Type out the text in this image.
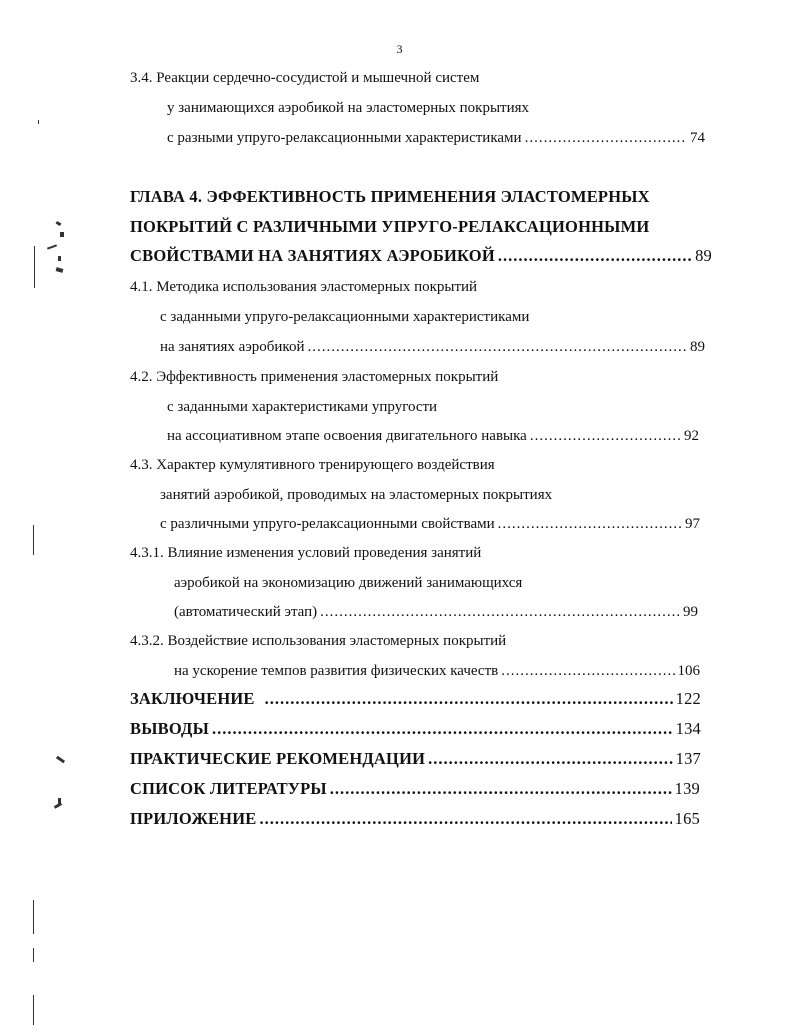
3
3.4. Реакции сердечно-сосудистой и мышечной систем
у занимающихся аэробикой на эластомерных покрытиях
с разными упруго-релаксационными характеристиками .....	74
ГЛАВА 4. ЭФФЕКТИВНОСТЬ ПРИМЕНЕНИЯ ЭЛАСТОМЕРНЫХ
ПОКРЫТИЙ С РАЗЛИЧНЫМИ УПРУГО-РЕЛАКСАЦИОННЫМИ
СВОЙСТВАМИ НА ЗАНЯТИЯХ АЭРОБИКОЙ .....	89
4.1. Методика использования эластомерных покрытий
с заданными упруго-релаксационными характеристиками
на занятиях аэробикой .....	89
4.2. Эффективность применения эластомерных покрытий
с заданными характеристиками упругости
на ассоциативном этапе освоения двигательного навыка .....	92
4.3. Характер кумулятивного тренирующего воздействия
занятий аэробикой, проводимых на эластомерных покрытиях
с различными упруго-релаксационными свойствами .....	97
4.3.1. Влияние изменения условий проведения занятий
аэробикой на экономизацию движений занимающихся
(автоматический этап) .....	99
4.3.2. Воздействие использования эластомерных покрытий
на ускорение темпов развития физических качеств .....	106
ЗАКЛЮЧЕНИЕ .....	122
ВЫВОДЫ .....	134
ПРАКТИЧЕСКИЕ РЕКОМЕНДАЦИИ .....	137
СПИСОК ЛИТЕРАТУРЫ .....	139
ПРИЛОЖЕНИЕ .....	165
